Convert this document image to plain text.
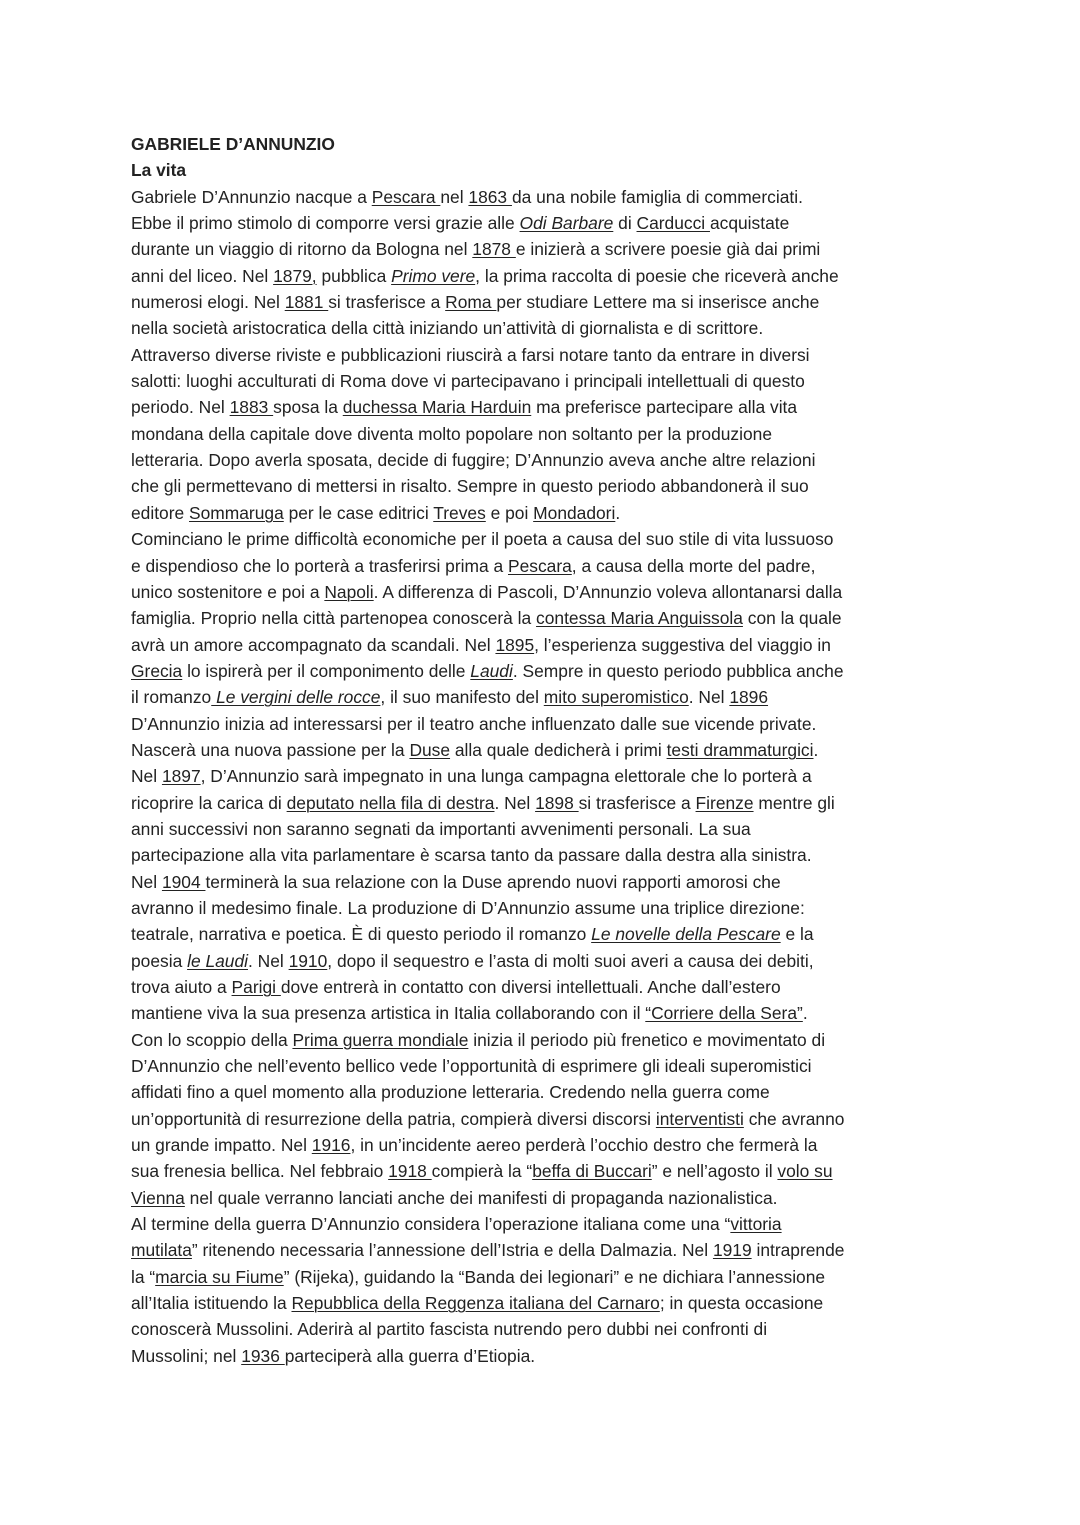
GABRIELE D’ANNUNZIO
La vita
Gabriele D’Annunzio nacque a Pescara nel 1863 da una nobile famiglia di commerciati.
Ebbe il primo stimolo di comporre versi grazie alle Odi Barbare di Carducci acquistate
durante un viaggio di ritorno da Bologna nel 1878 e inizierà a scrivere poesie già dai primi
anni del liceo. Nel 1879, pubblica Primo vere, la prima raccolta di poesie che riceverà anche
numerosi elogi. Nel 1881 si trasferisce a Roma per studiare Lettere ma si inserisce anche
nella società aristocratica della città iniziando un’attività di giornalista e di scrittore.
Attraverso diverse riviste e pubblicazioni riuscirà a farsi notare tanto da entrare in diversi
salotti: luoghi acculturati di Roma dove vi partecipavano i principali intellettuali di questo
periodo. Nel 1883 sposa la duchessa Maria Harduin ma preferisce partecipare alla vita
mondana della capitale dove diventa molto popolare non soltanto per la produzione
letteraria. Dopo averla sposata, decide di fuggire; D’Annunzio aveva anche altre relazioni
che gli permettevano di mettersi in risalto. Sempre in questo periodo abbandonerà il suo
editore Sommaruga per le case editrici Treves e poi Mondadori.
Cominciano le prime difficoltà economiche per il poeta a causa del suo stile di vita lussuoso
e dispendioso che lo porterà a trasferirsi prima a Pescara, a causa della morte del padre,
unico sostenitore e poi a Napoli. A differenza di Pascoli, D’Annunzio voleva allontanarsi dalla
famiglia. Proprio nella città partenopea conoscerà la contessa Maria Anguissola con la quale
avrà un amore accompagnato da scandali. Nel 1895, l’esperienza suggestiva del viaggio in
Grecia lo ispirerà per il componimento delle Laudi. Sempre in questo periodo pubblica anche
il romanzo Le vergini delle rocce, il suo manifesto del mito superomistico. Nel 1896
D’Annunzio inizia ad interessarsi per il teatro anche influenzato dalle sue vicende private.
Nascerà una nuova passione per la Duse alla quale dedicherà i primi testi drammaturgici.
Nel 1897, D’Annunzio sarà impegnato in una lunga campagna elettorale che lo porterà a
ricoprire la carica di deputato nella fila di destra. Nel 1898 si trasferisce a Firenze mentre gli
anni successivi non saranno segnati da importanti avvenimenti personali. La sua
partecipazione alla vita parlamentare è scarsa tanto da passare dalla destra alla sinistra.
Nel 1904 terminerà la sua relazione con la Duse aprendo nuovi rapporti amorosi che
avranno il medesimo finale. La produzione di D’Annunzio assume una triplice direzione:
teatrale, narrativa e poetica. È di questo periodo il romanzo Le novelle della Pescare e la
poesia le Laudi. Nel 1910, dopo il sequestro e l’asta di molti suoi averi a causa dei debiti,
trova aiuto a Parigi dove entrerà in contatto con diversi intellettuali. Anche dall’estero
mantiene viva la sua presenza artistica in Italia collaborando con il “Corriere della Sera”.
Con lo scoppio della Prima guerra mondiale inizia il periodo più frenetico e movimentato di
D’Annunzio che nell’evento bellico vede l’opportunità di esprimere gli ideali superomistici
affidati fino a quel momento alla produzione letteraria. Credendo nella guerra come
un’opportunità di resurrezione della patria, compierà diversi discorsi interventisti che avranno
un grande impatto. Nel 1916, in un’incidente aereo perderà l’occhio destro che fermerà la
sua frenesia bellica. Nel febbraio 1918 compierà la “beffa di Buccari” e nell’agosto il volo su
Vienna nel quale verranno lanciati anche dei manifesti di propaganda nazionalistica.
Al termine della guerra D’Annunzio considera l’operazione italiana come una “vittoria
mutilata” ritenendo necessaria l’annessione dell’Istria e della Dalmazia. Nel 1919 intraprende
la “marcia su Fiume” (Rijeka), guidando la “Banda dei legionari” e ne dichiara l’annessione
all’Italia istituendo la Repubblica della Reggenza italiana del Carnaro; in questa occasione
conoscerà Mussolini. Aderirà al partito fascista nutrendo pero dubbi nei confronti di
Mussolini; nel 1936 parteciperà alla guerra d’Etiopia.
